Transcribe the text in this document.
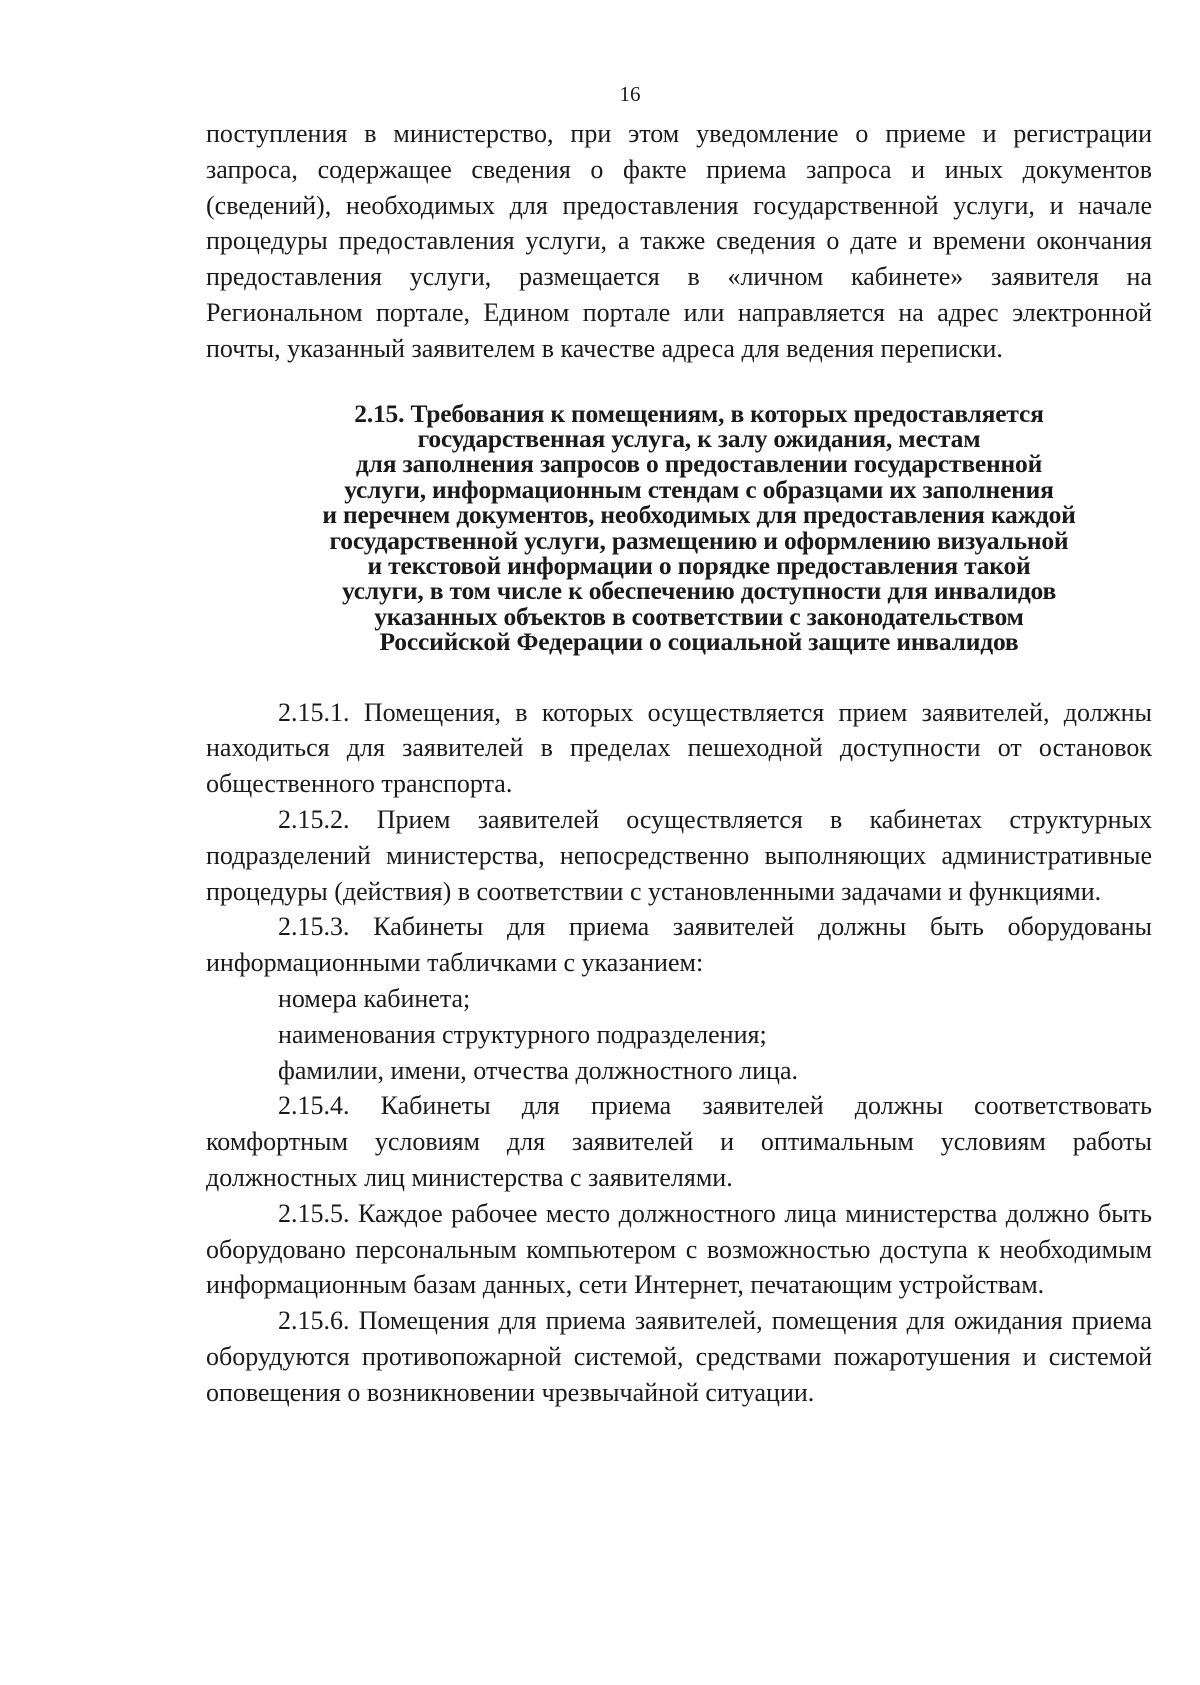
16

поступления в министерство, при этом уведомление о приеме и регистрации запроса, содержащее сведения о факте приема запроса и иных документов (сведений), необходимых для предоставления государственной услуги, и начале процедуры предоставления услуги, а также сведения о дате и времени окончания предоставления услуги, размещается в «личном кабинете» заявителя на Региональном портале, Едином портале или направляется на адрес электронной почты, указанный заявителем в качестве адреса для ведения переписки.

2.15. Требования к помещениям, в которых предоставляется
государственная услуга, к залу ожидания, местам
для заполнения запросов о предоставлении государственной
услуги, информационным стендам с образцами их заполнения
и перечнем документов, необходимых для предоставления каждой
государственной услуги, размещению и оформлению визуальной
и текстовой информации о порядке предоставления такой
услуги, в том числе к обеспечению доступности для инвалидов
указанных объектов в соответствии с законодательством
Российской Федерации о социальной защите инвалидов

2.15.1. Помещения, в которых осуществляется прием заявителей, должны находиться для заявителей в пределах пешеходной доступности от остановок общественного транспорта.

2.15.2. Прием заявителей осуществляется в кабинетах структурных подразделений министерства, непосредственно выполняющих административные процедуры (действия) в соответствии с установленными задачами и функциями.

2.15.3. Кабинеты для приема заявителей должны быть оборудованы информационными табличками с указанием:

номера кабинета;

наименования структурного подразделения;

фамилии, имени, отчества должностного лица.

2.15.4. Кабинеты для приема заявителей должны соответствовать комфортным условиям для заявителей и оптимальным условиям работы должностных лиц министерства с заявителями.

2.15.5. Каждое рабочее место должностного лица министерства должно быть оборудовано персональным компьютером с возможностью доступа к необходимым информационным базам данных, сети Интернет, печатающим устройствам.

2.15.6. Помещения для приема заявителей, помещения для ожидания приема оборудуются противопожарной системой, средствами пожаротушения и системой оповещения о возникновении чрезвычайной ситуации.
